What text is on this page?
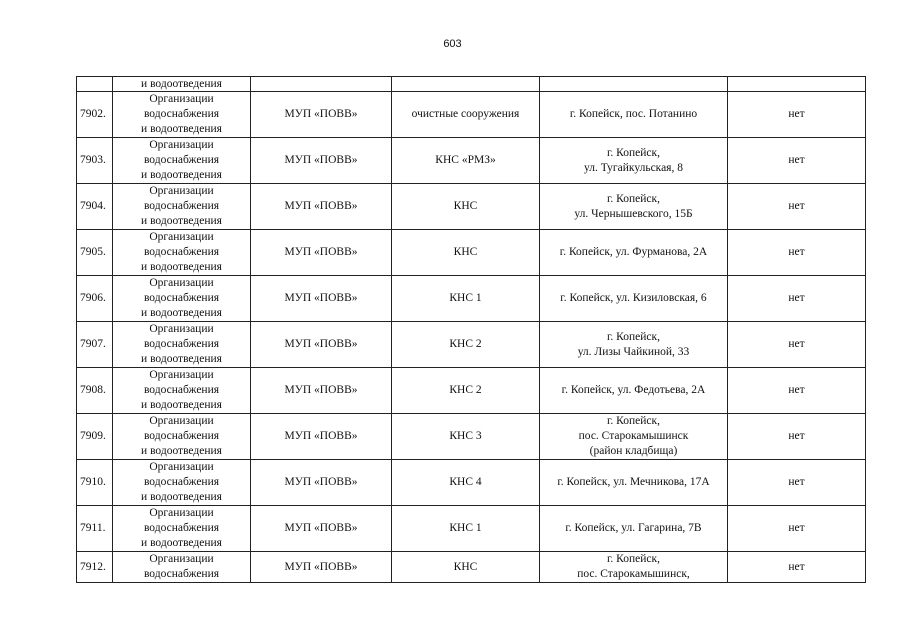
603
	и водоотведения				
7902.	Организации
водоснабжения
и водоотведения	МУП «ПОВВ»	очистные сооружения	г. Копейск, пос. Потанино	нет
7903.	Организации
водоснабжения
и водоотведения	МУП «ПОВВ»	КНС «РМЗ»	г. Копейск,
ул. Тугайкульская, 8	нет
7904.	Организации
водоснабжения
и водоотведения	МУП «ПОВВ»	КНС	г. Копейск,
ул. Чернышевского, 15Б	нет
7905.	Организации
водоснабжения
и водоотведения	МУП «ПОВВ»	КНС	г. Копейск, ул. Фурманова, 2А	нет
7906.	Организации
водоснабжения
и водоотведения	МУП «ПОВВ»	КНС 1	г. Копейск, ул. Кизиловская, 6	нет
7907.	Организации
водоснабжения
и водоотведения	МУП «ПОВВ»	КНС 2	г. Копейск,
ул. Лизы Чайкиной, 33	нет
7908.	Организации
водоснабжения
и водоотведения	МУП «ПОВВ»	КНС 2	г. Копейск, ул. Федотьева, 2А	нет
7909.	Организации
водоснабжения
и водоотведения	МУП «ПОВВ»	КНС 3	г. Копейск,
пос. Старокамышинск
(район кладбища)	нет
7910.	Организации
водоснабжения
и водоотведения	МУП «ПОВВ»	КНС 4	г. Копейск, ул. Мечникова, 17А	нет
7911.	Организации
водоснабжения
и водоотведения	МУП «ПОВВ»	КНС 1	г. Копейск, ул. Гагарина, 7В	нет
7912.	Организации
водоснабжения	МУП «ПОВВ»	КНС	г. Копейск,
пос. Старокамышинск,	нет
